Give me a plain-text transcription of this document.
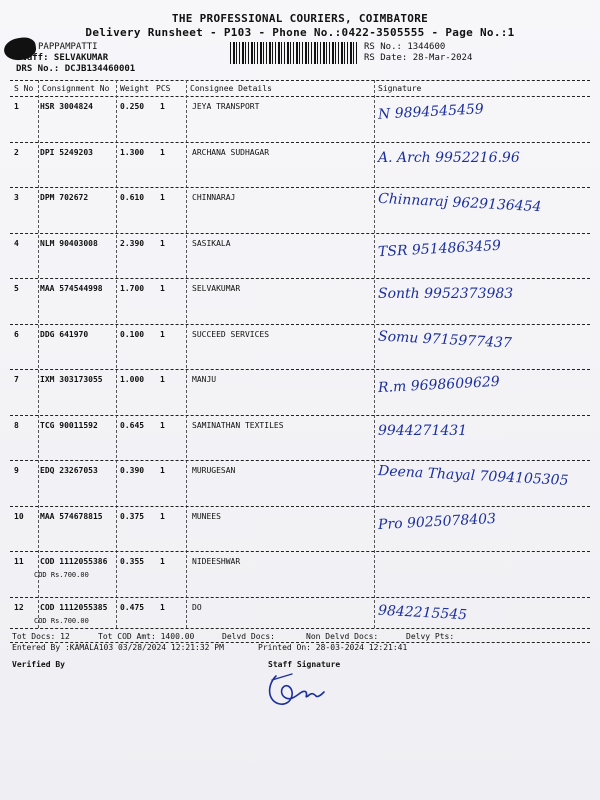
THE PROFESSIONAL COURIERS, COIMBATORE
Delivery Runsheet - P103 - Phone No.:0422-3505555 - Page No.:1
PAPPAMPATTI
Staff: SELVAKUMAR
DRS No.: DCJB134460001
RS No.: 1344600
RS Date: 28-Mar-2024
S No Consignment No Weight PCS Consignee Details	Signature
1	HSR 3004824	0.250 1	JEYA TRANSPORT	N 9894545459
2	DPI 5249203	1.300 1	ARCHANA SUDHAGAR	A. Arch 9952216.96
3	DPM 702672	0.610 1	CHINNARAJ	Chinnaraj 9629136454
4	NLM 90403008	2.390 1	SASIKALA	TSR 9514863459
5	MAA 574544998 1.700 1	SELVAKUMAR	Sonth 9952373983
6	DDG 641970	0.100 1	SUCCEED SERVICES	Somu 9715977437
7	IXM 303173055 1.000 1	MANJU	R.m 9698609629
8	TCG 90011592	0.645 1	SAMINATHAN TEXTILES	9944271431
9	EDQ 23267053	0.390 1	MURUGESAN	Deena Thayal 7094105305
10 MAA 574678815 0.375 1	MUNEES	Pro 9025078403
11 COD 1112055386 0.355 1	NIDEESHWAR
COD Rs.700.00
12 COD 1112055385 0.475 1	DO
COD Rs.700.00	9842215545
Tot Docs: 12	Tot COD Amt: 1400.00	Delvd Docs:	Non Delvd Docs:	Delvy Pts:
Entered By :KAMALA103 03/28/2024 12:21:32 PM	Printed On: 28-03-2024 12:21:41
Verified By	Staff Signature
